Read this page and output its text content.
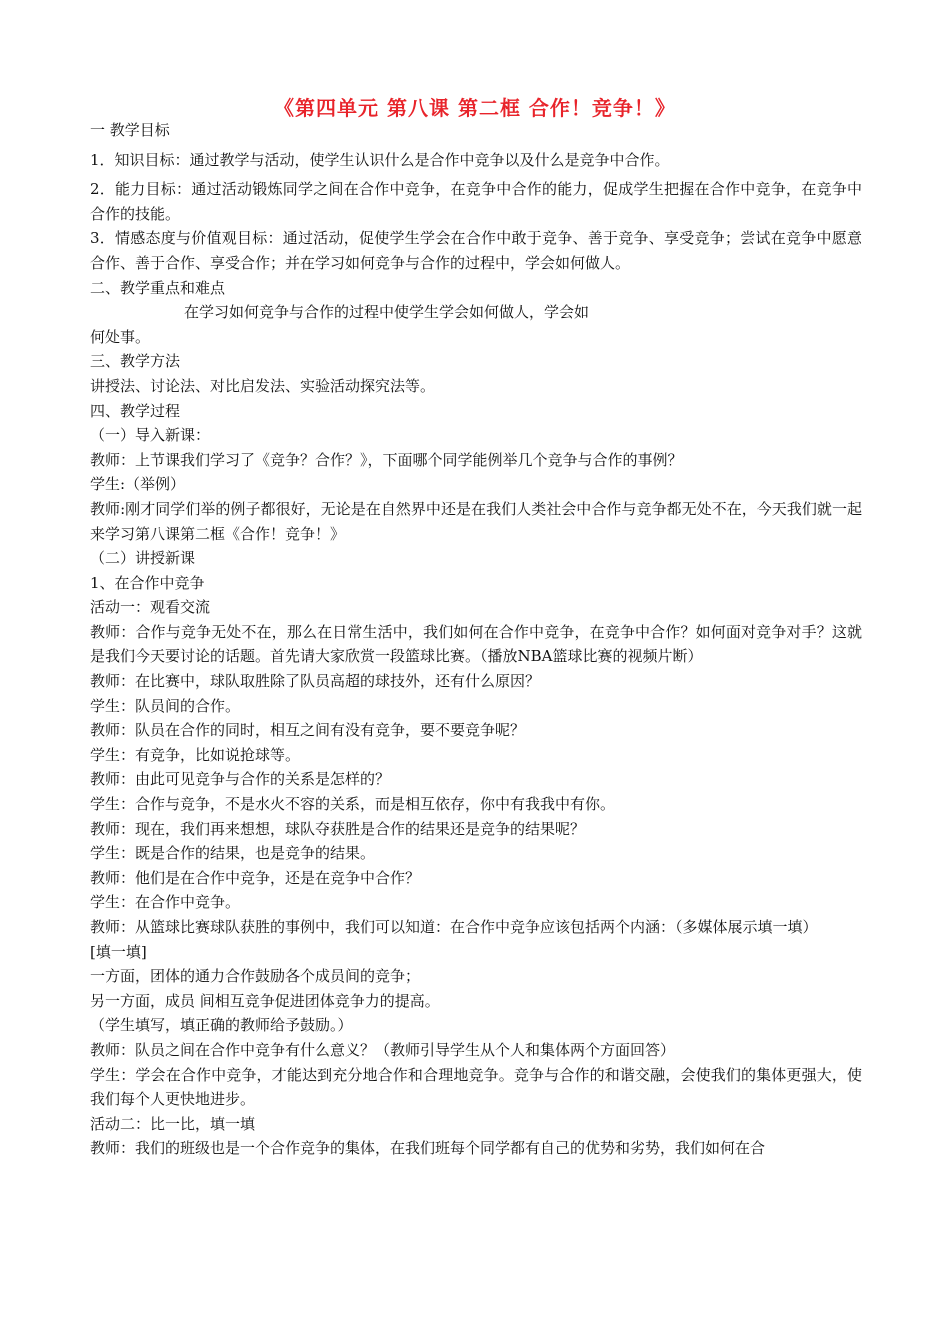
《第四单元 第八课 第二框 合作！竞争！》

一 教学目标

1．知识目标：通过教学与活动，使学生认识什么是合作中竞争以及什么是竞争中合作。

2．能力目标：通过活动锻炼同学之间在合作中竞争，在竞争中合作的能力，促成学生把握在合作中竞争，在竞争中合作的技能。

3．情感态度与价值观目标：通过活动，促使学生学会在合作中敢于竞争、善于竞争、享受竞争；尝试在竞争中愿意合作、善于合作、享受合作；并在学习如何竞争与合作的过程中，学会如何做人。

二、教学重点和难点

在学习如何竞争与合作的过程中使学生学会如何做人，学会如

何处事。

三、教学方法

讲授法、讨论法、对比启发法、实验活动探究法等。

四、教学过程

（一）导入新课：

教师：上节课我们学习了《竞争？合作？》，下面哪个同学能例举几个竞争与合作的事例？

学生:（举例）

教师:刚才同学们举的例子都很好，无论是在自然界中还是在我们人类社会中合作与竞争都无处不在，今天我们就一起来学习第八课第二框《合作！竞争！》

（二）讲授新课

1、在合作中竞争

活动一：观看交流

教师：合作与竞争无处不在，那么在日常生活中，我们如何在合作中竞争，在竞争中合作？如何面对竞争对手？这就是我们今天要讨论的话题。首先请大家欣赏一段篮球比赛。（播放NBA篮球比赛的视频片断）

教师：在比赛中，球队取胜除了队员高超的球技外，还有什么原因？

学生：队员间的合作。

教师：队员在合作的同时，相互之间有没有竞争，要不要竞争呢？

学生：有竞争，比如说抢球等。

教师：由此可见竞争与合作的关系是怎样的？

学生：合作与竞争，不是水火不容的关系，而是相互依存，你中有我我中有你。

教师：现在，我们再来想想，球队夺获胜是合作的结果还是竞争的结果呢？

学生：既是合作的结果，也是竞争的结果。

教师：他们是在合作中竞争，还是在竞争中合作？

学生：在合作中竞争。

教师：从篮球比赛球队获胜的事例中，我们可以知道：在合作中竞争应该包括两个内涵：（多媒体展示填一填）

[填一填]

一方面，团体的通力合作鼓励各个成员间的竞争；

另一方面，成员 间相互竞争促进团体竞争力的提高。

（学生填写，填正确的教师给予鼓励。）

教师：队员之间在合作中竞争有什么意义？（教师引导学生从个人和集体两个方面回答）

学生：学会在合作中竞争，才能达到充分地合作和合理地竞争。竞争与合作的和谐交融，会使我们的集体更强大，使我们每个人更快地进步。

活动二：比一比，填一填

教师：我们的班级也是一个合作竞争的集体，在我们班每个同学都有自己的优势和劣势，我们如何在合
